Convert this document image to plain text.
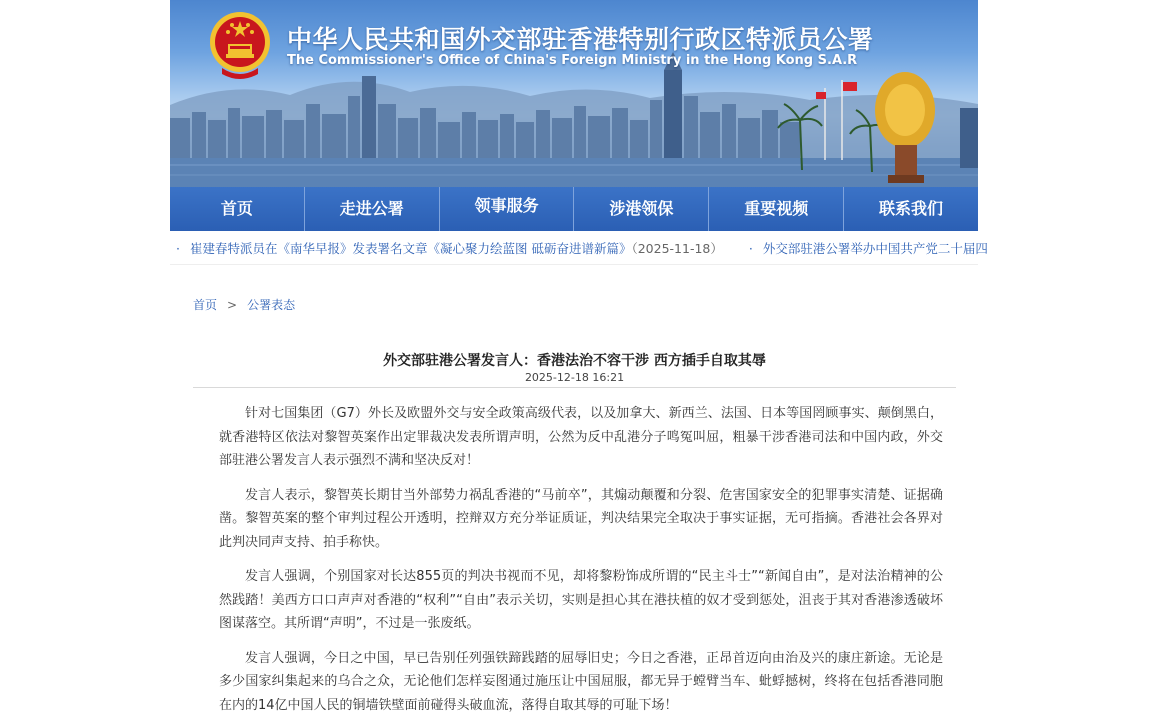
中华人民共和国外交部驻香港特别行政区特派员公署
The Commissioner's Office of China's Foreign Ministry in the Hong Kong S.A.R
fmcoprc
首页	走进公署	领事服务	涉港领保	重要视频	联系我们
· 崔建春特派员在《南华早报》发表署名文章《凝心聚力绘蓝图 砥砺奋进谱新篇》（2025-11-18） · 外交部驻港公署举办中国共产党二十届四
首页 > 公署表态
外交部驻港公署发言人：香港法治不容干涉 西方插手自取其辱
2025-12-18 16:21

针对七国集团（G7）外长及欧盟外交与安全政策高级代表，以及加拿大、新西兰、法国、日本等国罔顾事实、颠倒黑白，就香港特区依法对黎智英案作出定罪裁决发表所谓声明，公然为反中乱港分子鸣冤叫屈，粗暴干涉香港司法和中国内政，外交部驻港公署发言人表示强烈不满和坚决反对！

发言人表示，黎智英长期甘当外部势力祸乱香港的“马前卒”，其煽动颠覆和分裂、危害国家安全的犯罪事实清楚、证据确凿。黎智英案的整个审判过程公开透明，控辩双方充分举证质证，判决结果完全取决于事实证据，无可指摘。香港社会各界对此判决同声支持、拍手称快。

发言人强调，个别国家对长达855页的判决书视而不见，却将黎粉饰成所谓的“民主斗士”“新闻自由”，是对法治精神的公然践踏！美西方口口声声对香港的“权利”“自由”表示关切，实则是担心其在港扶植的奴才受到惩处，沮丧于其对香港渗透破坏图谋落空。其所谓“声明”，不过是一张废纸。

发言人强调，今日之中国，早已告别任列强铁蹄践踏的屈辱旧史；今日之香港，正昂首迈向由治及兴的康庄新途。无论是多少国家纠集起来的乌合之众，无论他们怎样妄图通过施压让中国屈服，都无异于螳臂当车、蚍蜉撼树，终将在包括香港同胞在内的14亿中国人民的铜墙铁壁面前碰得头破血流，落得自取其辱的可耻下场！
